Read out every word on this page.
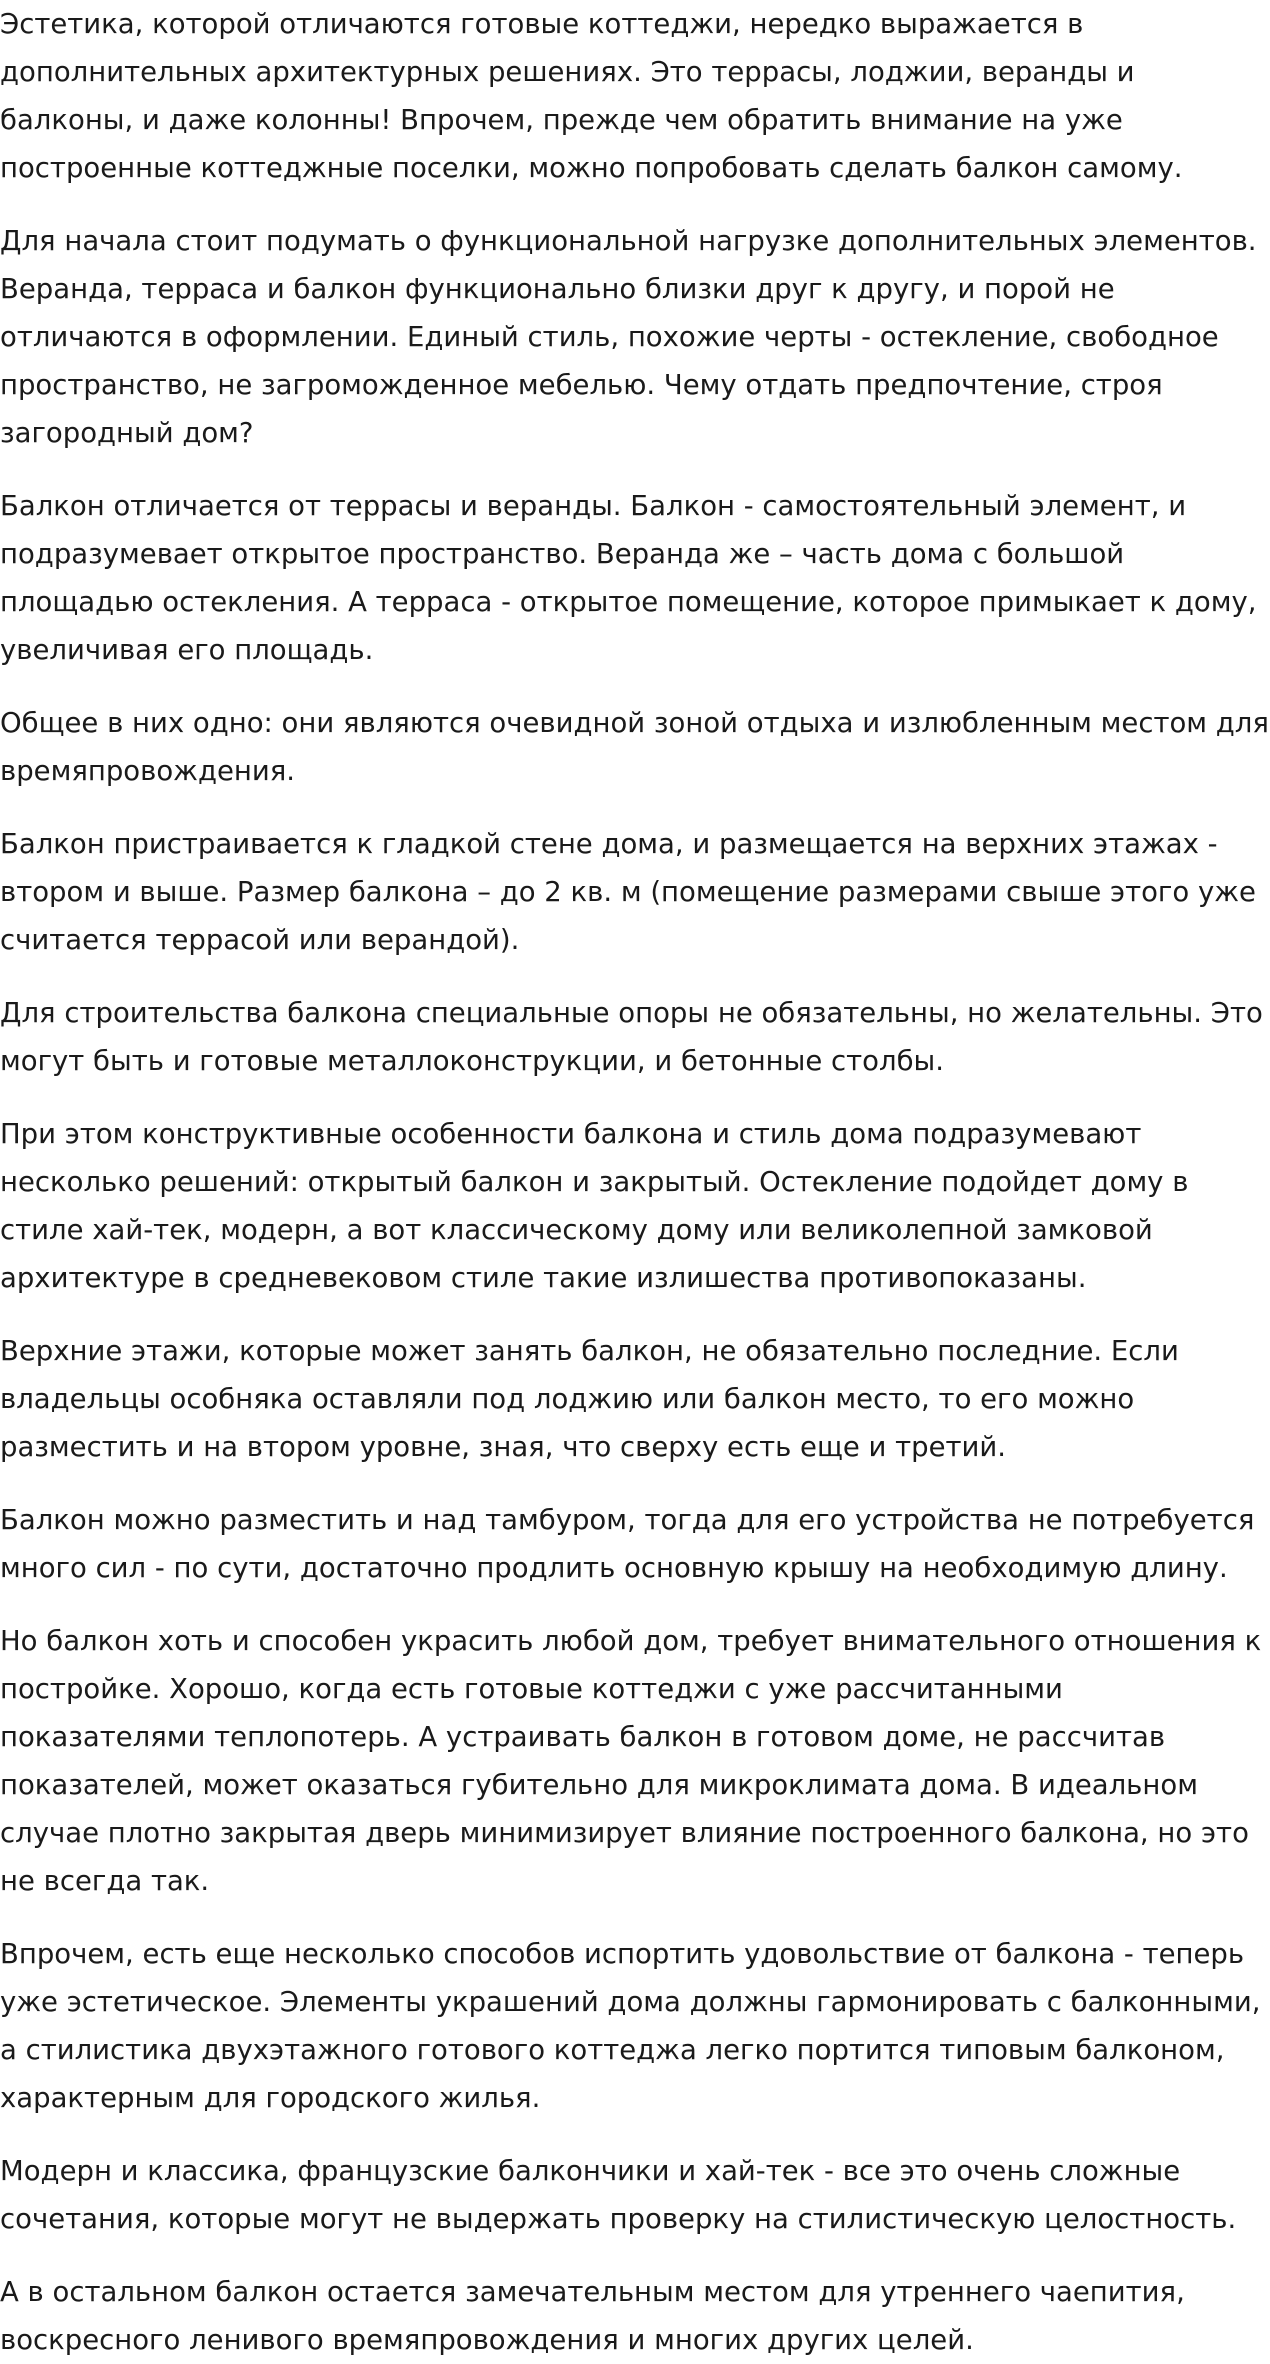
Эстетика, которой отличаются готовые коттеджи, нередко выражается в дополнительных архитектурных решениях. Это террасы, лоджии, веранды и балконы, и даже колонны! Впрочем, прежде чем обратить внимание на уже построенные коттеджные поселки, можно попробовать сделать балкон самому.

Для начала стоит подумать о функциональной нагрузке дополнительных элементов. Веранда, терраса и балкон функционально близки друг к другу, и порой не отличаются в оформлении. Единый стиль, похожие черты - остекление, свободное пространство, не загроможденное мебелью. Чему отдать предпочтение, строя загородный дом?

Балкон отличается от террасы и веранды. Балкон - самостоятельный элемент, и подразумевает открытое пространство. Веранда же – часть дома с большой площадью остекления. А терраса - открытое помещение, которое примыкает к дому, увеличивая его площадь.

Общее в них одно: они являются очевидной зоной отдыха и излюбленным местом для времяпровождения.

Балкон пристраивается к гладкой стене дома, и размещается на верхних этажах - втором и выше. Размер балкона – до 2 кв. м (помещение размерами свыше этого уже считается террасой или верандой).

Для строительства балкона специальные опоры не обязательны, но желательны. Это могут быть и готовые металлоконструкции, и бетонные столбы.

При этом конструктивные особенности балкона и стиль дома подразумевают несколько решений: открытый балкон и закрытый. Остекление подойдет дому в стиле хай-тек, модерн, а вот классическому дому или великолепной замковой архитектуре в средневековом стиле такие излишества противопоказаны.

Верхние этажи, которые может занять балкон, не обязательно последние. Если владельцы особняка оставляли под лоджию или балкон место, то его можно разместить и на втором уровне, зная, что сверху есть еще и третий.

Балкон можно разместить и над тамбуром, тогда для его устройства не потребуется много сил - по сути, достаточно продлить основную крышу на необходимую длину.

Но балкон хоть и способен украсить любой дом, требует внимательного отношения к постройке. Хорошо, когда есть готовые коттеджи с уже рассчитанными показателями теплопотерь. А устраивать балкон в готовом доме, не рассчитав показателей, может оказаться губительно для микроклимата дома. В идеальном случае плотно закрытая дверь минимизирует влияние построенного балкона, но это не всегда так.

Впрочем, есть еще несколько способов испортить удовольствие от балкона - теперь уже эстетическое. Элементы украшений дома должны гармонировать с балконными, а стилистика двухэтажного готового коттеджа легко портится типовым балконом, характерным для городского жилья.

Модерн и классика, французские балкончики и хай-тек - все это очень сложные сочетания, которые могут не выдержать проверку на стилистическую целостность.

А в остальном балкон остается замечательным местом для утреннего чаепития, воскресного ленивого времяпровождения и многих других целей.
